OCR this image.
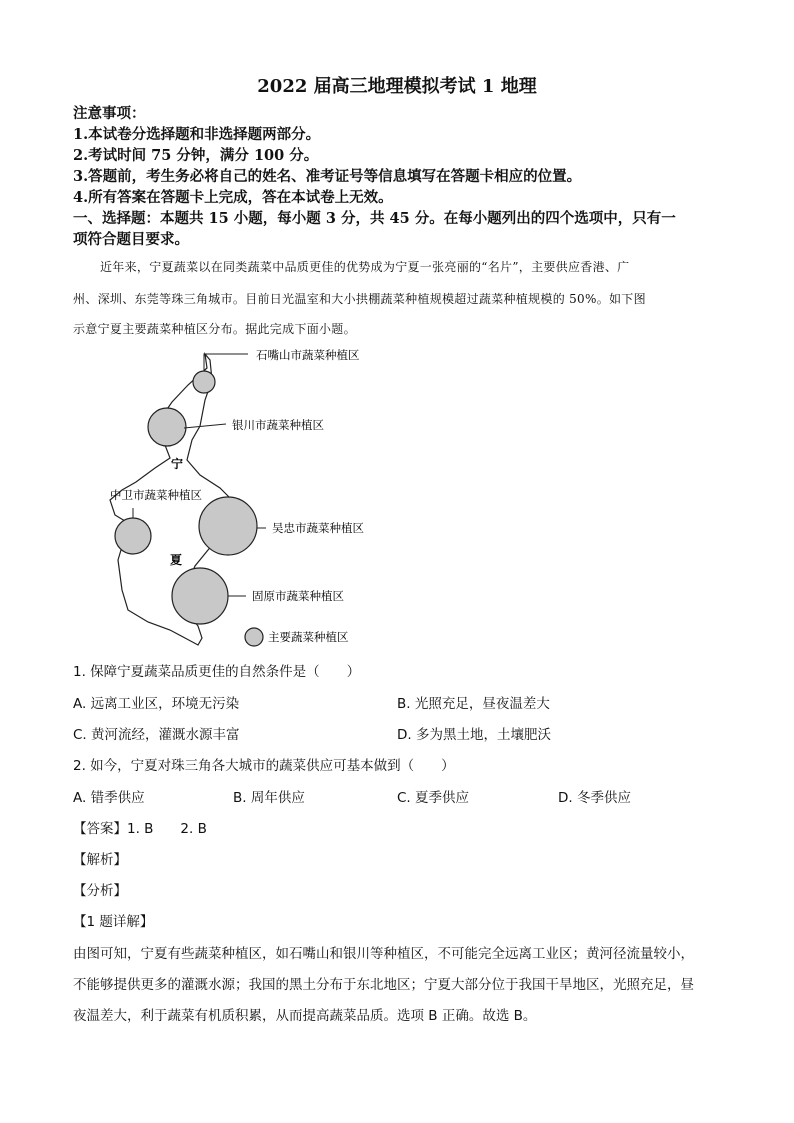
2022 届高三地理模拟考试 1 地理
注意事项：
1.本试卷分选择题和非选择题两部分。
2.考试时间 75 分钟，满分 100 分。
3.答题前，考生务必将自己的姓名、准考证号等信息填写在答题卡相应的位置。
4.所有答案在答题卡上完成，答在本试卷上无效。
一、选择题：本题共 15 小题，每小题 3 分，共 45 分。在每小题列出的四个选项中，只有一
项符合题目要求。
近年来，宁夏蔬菜以在同类蔬菜中品质更佳的优势成为宁夏一张亮丽的“名片”，主要供应香港、广
州、深圳、东莞等珠三角城市。目前日光温室和大小拱棚蔬菜种植规模超过蔬菜种植规模的 50%。如下图
示意宁夏主要蔬菜种植区分布。据此完成下面小题。
石嘴山市蔬菜种植区
银川市蔬菜种植区
中卫市蔬菜种植区
吴忠市蔬菜种植区
固原市蔬菜种植区
主要蔬菜种植区
宁
夏
1. 保障宁夏蔬菜品质更佳的自然条件是（　　）
A. 远离工业区，环境无污染	B. 光照充足，昼夜温差大
C. 黄河流经，灌溉水源丰富	D. 多为黑土地，土壤肥沃
2. 如今，宁夏对珠三角各大城市的蔬菜供应可基本做到（　　）
A. 错季供应	B. 周年供应	C. 夏季供应	D. 冬季供应
【答案】1. B　　2. B
【解析】
【分析】
【1 题详解】
由图可知，宁夏有些蔬菜种植区，如石嘴山和银川等种植区，不可能完全远离工业区；黄河径流量较小，
不能够提供更多的灌溉水源；我国的黑土分布于东北地区；宁夏大部分位于我国干旱地区，光照充足，昼
夜温差大，利于蔬菜有机质积累，从而提高蔬菜品质。选项 B 正确。故选 B。
